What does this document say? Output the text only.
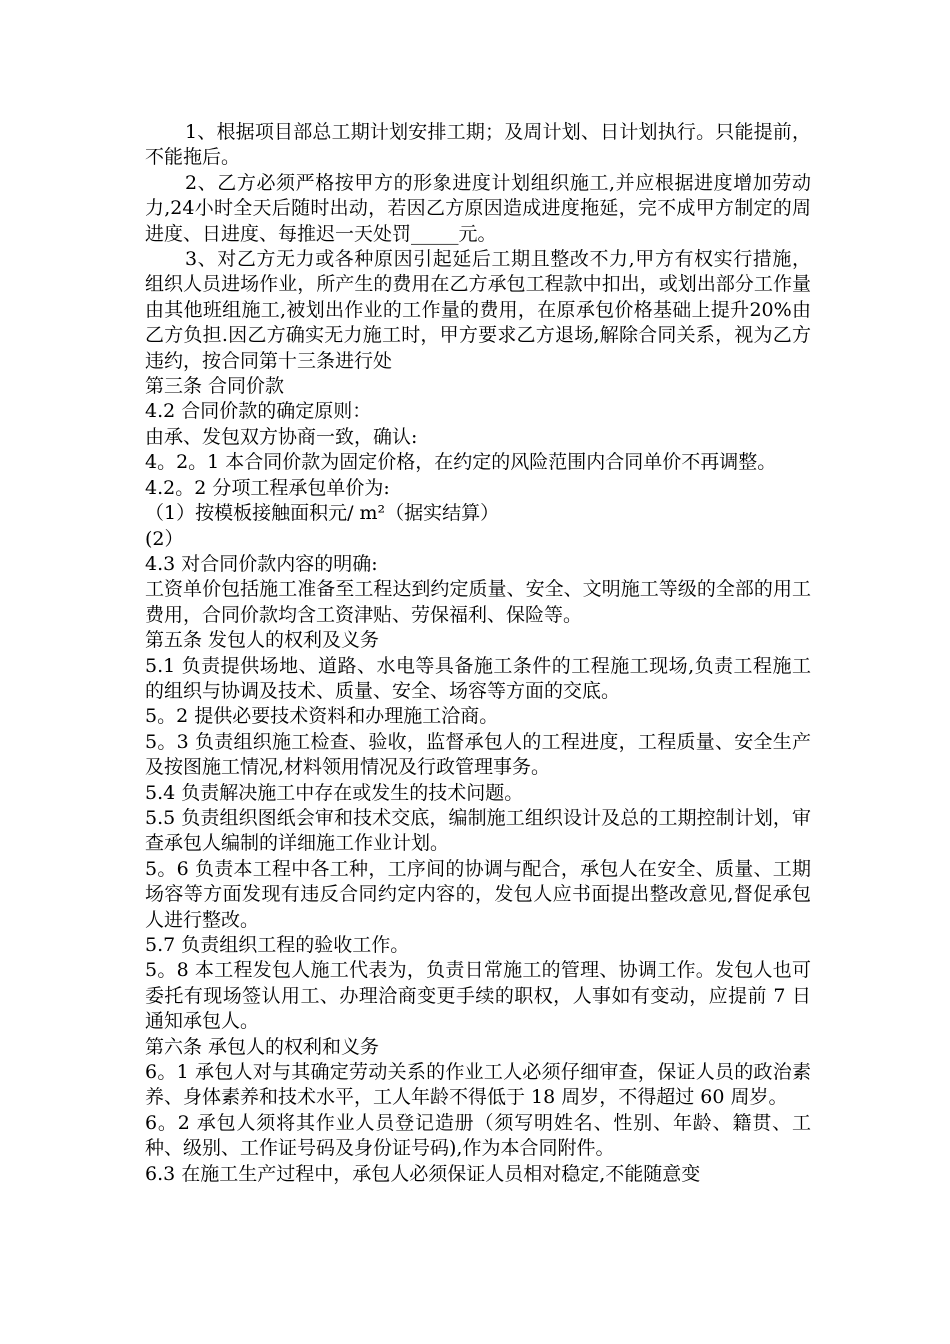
1、根据项目部总工期计划安排工期；及周计划、日计划执行。只能提前，不能拖后。

2、乙方必须严格按甲方的形象进度计划组织施工,并应根据进度增加劳动力,24小时全天后随时出动，若因乙方原因造成进度拖延，完不成甲方制定的周进度、日进度、每推迟一天处罚_____元。

3、对乙方无力或各种原因引起延后工期且整改不力,甲方有权实行措施，组织人员进场作业，所产生的费用在乙方承包工程款中扣出，或划出部分工作量由其他班组施工,被划出作业的工作量的费用，在原承包价格基础上提升20%由乙方负担.因乙方确实无力施工时，甲方要求乙方退场,解除合同关系，视为乙方违约，按合同第十三条进行处

第三条 合同价款

4.2 合同价款的确定原则：

由承、发包双方协商一致，确认:

4。2。1 本合同价款为固定价格，在约定的风险范围内合同单价不再调整。

4.2。2 分项工程承包单价为:

（1）按模板接触面积元/ m²（据实结算）

(2）

4.3 对合同价款内容的明确:

工资单价包括施工准备至工程达到约定质量、安全、文明施工等级的全部的用工费用，合同价款均含工资津贴、劳保福利、保险等。

第五条 发包人的权利及义务

5.1 负责提供场地、道路、水电等具备施工条件的工程施工现场,负责工程施工的组织与协调及技术、质量、安全、场容等方面的交底。

5。2 提供必要技术资料和办理施工洽商。

5。3 负责组织施工检查、验收，监督承包人的工程进度，工程质量、安全生产及按图施工情况,材料领用情况及行政管理事务。

5.4 负责解决施工中存在或发生的技术问题。

5.5 负责组织图纸会审和技术交底，编制施工组织设计及总的工期控制计划，审查承包人编制的详细施工作业计划。

5。6 负责本工程中各工种，工序间的协调与配合，承包人在安全、质量、工期场容等方面发现有违反合同约定内容的，发包人应书面提出整改意见,督促承包人进行整改。

5.7 负责组织工程的验收工作。

5。8 本工程发包人施工代表为，负责日常施工的管理、协调工作。发包人也可委托有现场签认用工、办理洽商变更手续的职权，人事如有变动，应提前 7 日通知承包人。

第六条 承包人的权利和义务

6。1 承包人对与其确定劳动关系的作业工人必须仔细审查，保证人员的政治素养、身体素养和技术水平，工人年龄不得低于 18 周岁，不得超过 60 周岁。

6。2 承包人须将其作业人员登记造册（须写明姓名、性别、年龄、籍贯、工种、级别、工作证号码及身份证号码),作为本合同附件。

6.3 在施工生产过程中，承包人必须保证人员相对稳定,不能随意变
